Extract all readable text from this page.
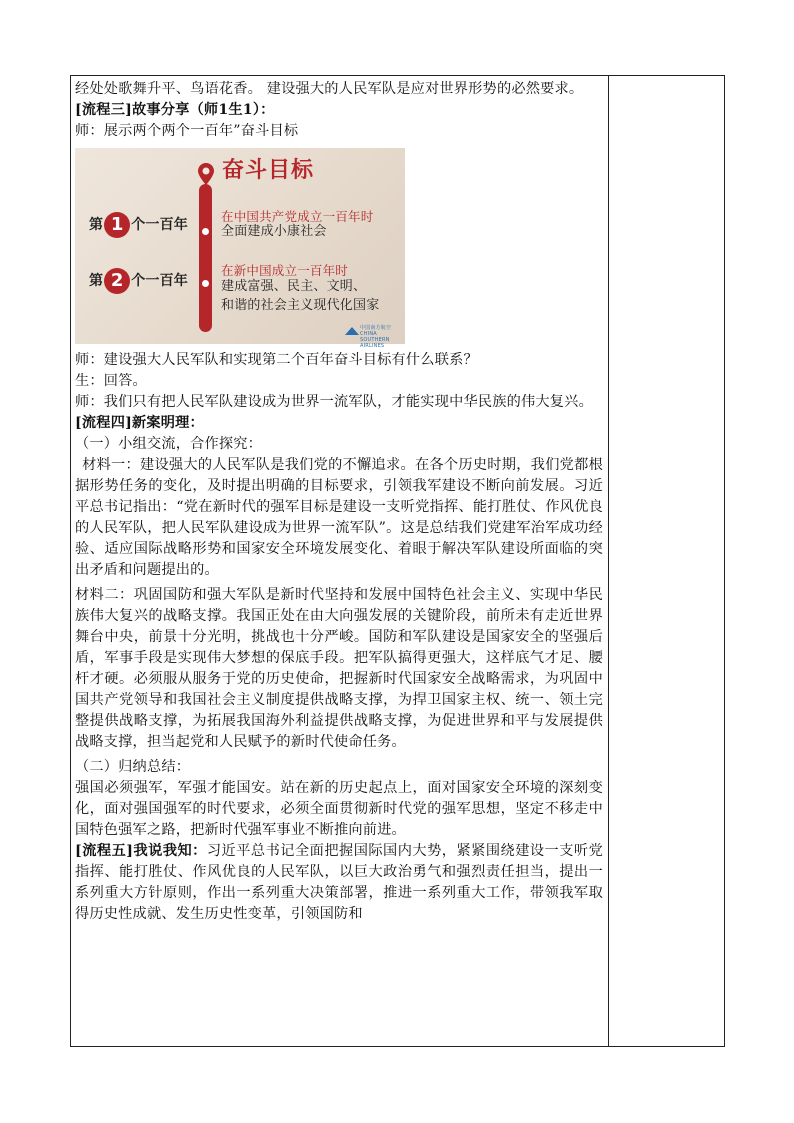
经处处歌舞升平、鸟语花香。 建设强大的人民军队是应对世界形势的必然要求。

[流程三]故事分享（师1生1）：

师：展示两个两个一百年”奋斗目标

奋斗目标
第 1 个一百年
第 2 个一百年
在中国共产党成立一百年时
全面建成小康社会
在新中国成立一百年时
建成富强、民主、文明、
和谐的社会主义现代化国家
中国南方航空
CHINA SOUTHERN AIRLINES

师：建设强大人民军队和实现第二个百年奋斗目标有什么联系？

生：回答。

师：我们只有把人民军队建设成为世界一流军队，才能实现中华民族的伟大复兴。

[流程四]新案明理：

（一）小组交流，合作探究：

材料一：建设强大的人民军队是我们党的不懈追求。在各个历史时期，我们党都根据形势任务的变化，及时提出明确的目标要求，引领我军建设不断向前发展。习近平总书记指出：“党在新时代的强军目标是建设一支听党指挥、能打胜仗、作风优良的人民军队，把人民军队建设成为世界一流军队”。这是总结我们党建军治军成功经验、适应国际战略形势和国家安全环境发展变化、着眼于解决军队建设所面临的突出矛盾和问题提出的。

材料二：巩固国防和强大军队是新时代坚持和发展中国特色社会主义、实现中华民族伟大复兴的战略支撑。我国正处在由大向强发展的关键阶段，前所未有走近世界舞台中央，前景十分光明，挑战也十分严峻。国防和军队建设是国家安全的坚强后盾，军事手段是实现伟大梦想的保底手段。把军队搞得更强大，这样底气才足、腰杆才硬。必须服从服务于党的历史使命，把握新时代国家安全战略需求，为巩固中国共产党领导和我国社会主义制度提供战略支撑，为捍卫国家主权、统一、领土完整提供战略支撑，为拓展我国海外利益提供战略支撑，为促进世界和平与发展提供战略支撑，担当起党和人民赋予的新时代使命任务。

（二）归纳总结：

强国必须强军，军强才能国安。站在新的历史起点上，面对国家安全环境的深刻变化，面对强国强军的时代要求，必须全面贯彻新时代党的强军思想，坚定不移走中国特色强军之路，把新时代强军事业不断推向前进。

[流程五]我说我知：习近平总书记全面把握国际国内大势，紧紧围绕建设一支听党指挥、能打胜仗、作风优良的人民军队，以巨大政治勇气和强烈责任担当，提出一系列重大方针原则，作出一系列重大决策部署，推进一系列重大工作，带领我军取得历史性成就、发生历史性变革，引领国防和
